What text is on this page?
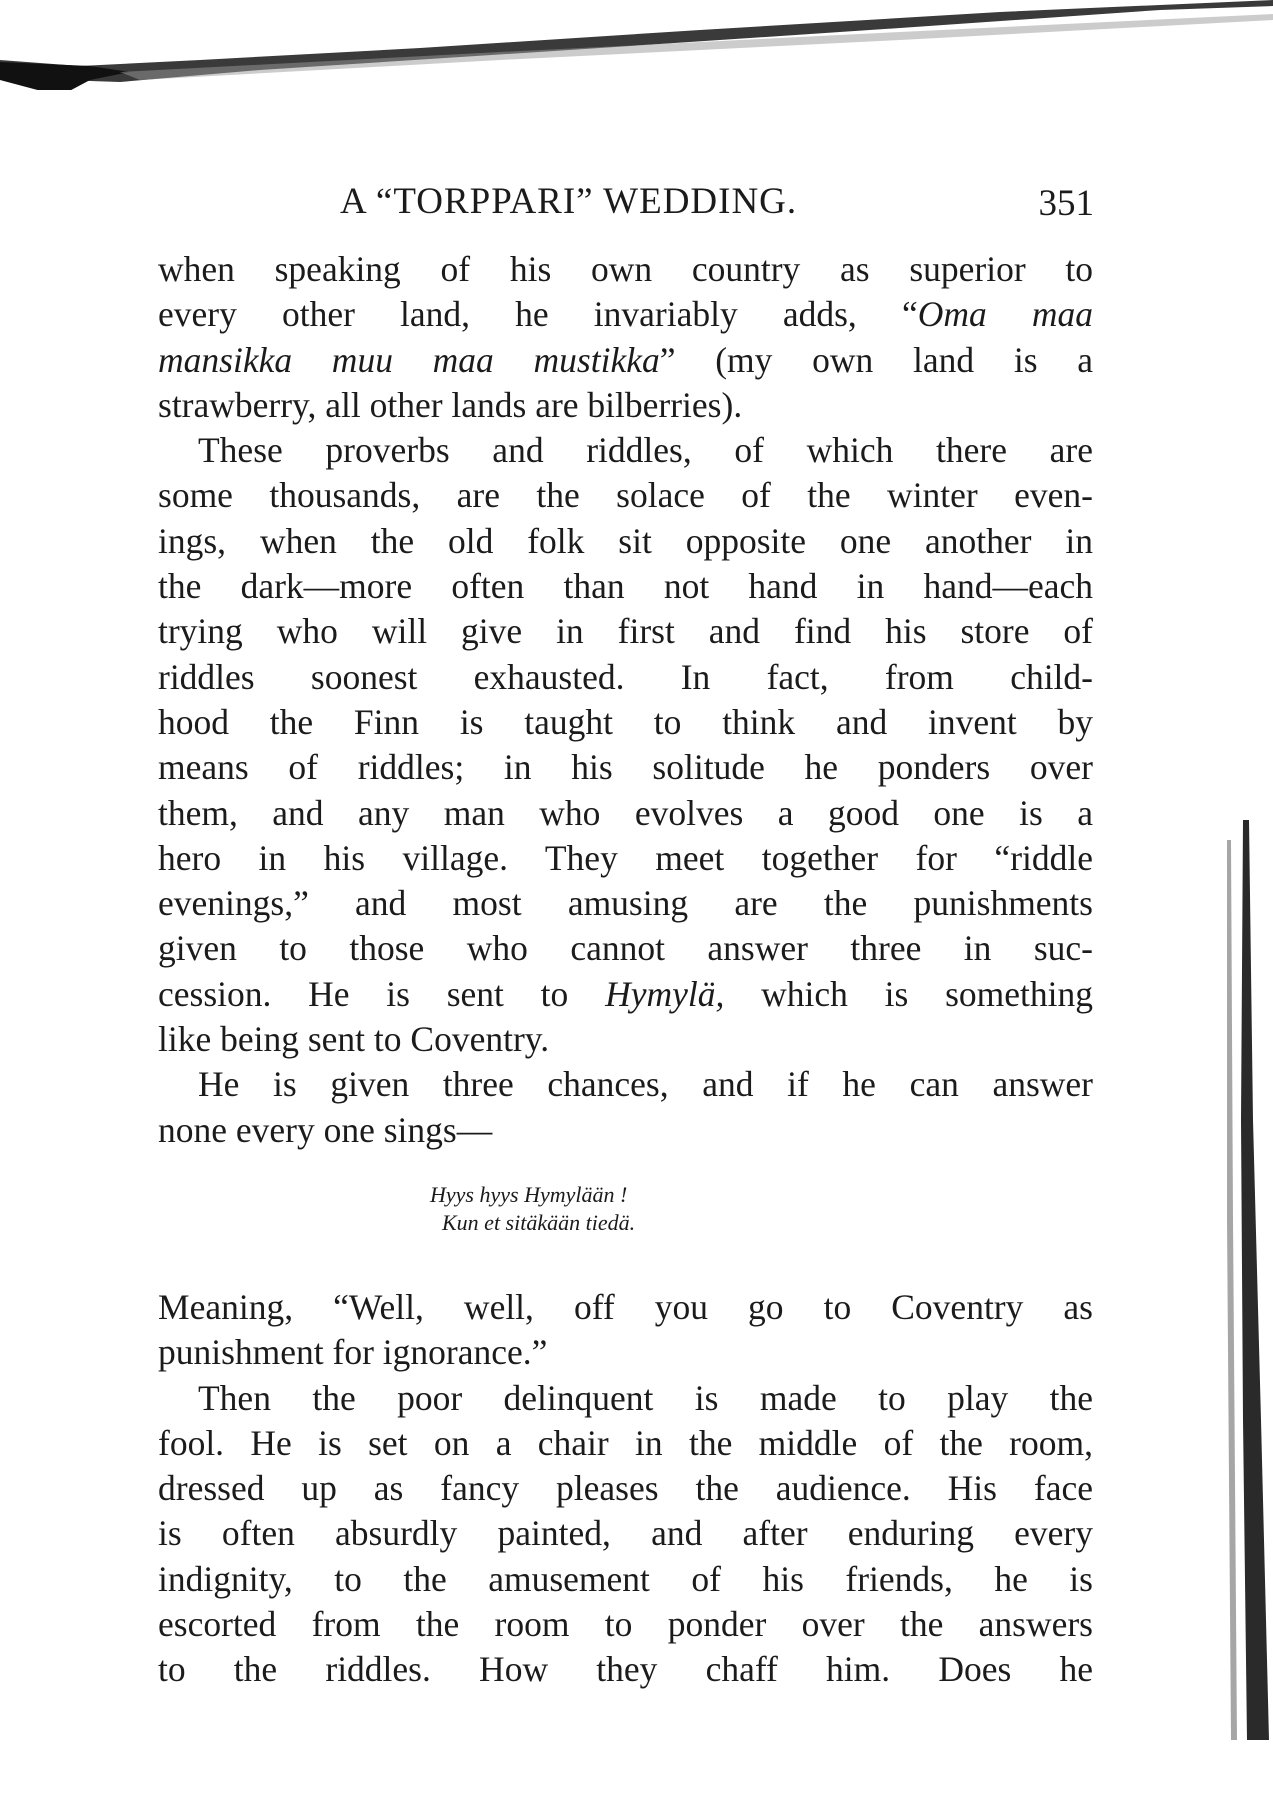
A “TORPPARI” WEDDING.	351
when speaking of his own country as superior to
every other land, he invariably adds, “Oma maa
mansikka muu maa mustikka” (my own land is a
strawberry, all other lands are bilberries).
These proverbs and riddles, of which there are
some thousands, are the solace of the winter even-
ings, when the old folk sit opposite one another in
the dark—more often than not hand in hand—each
trying who will give in first and find his store of
riddles soonest exhausted. In fact, from child-
hood the Finn is taught to think and invent by
means of riddles; in his solitude he ponders over
them, and any man who evolves a good one is a
hero in his village. They meet together for “riddle
evenings,” and most amusing are the punishments
given to those who cannot answer three in suc-
cession. He is sent to Hymylä, which is something
like being sent to Coventry.
He is given three chances, and if he can answer
none every one sings—
Hyys hyys Hymylään !
Kun et sitäkään tiedä.
Meaning, “Well, well, off you go to Coventry as
punishment for ignorance.”
Then the poor delinquent is made to play the
fool. He is set on a chair in the middle of the room,
dressed up as fancy pleases the audience. His face
is often absurdly painted, and after enduring every
indignity, to the amusement of his friends, he is
escorted from the room to ponder over the answers
to the riddles. How they chaff him. Does he
